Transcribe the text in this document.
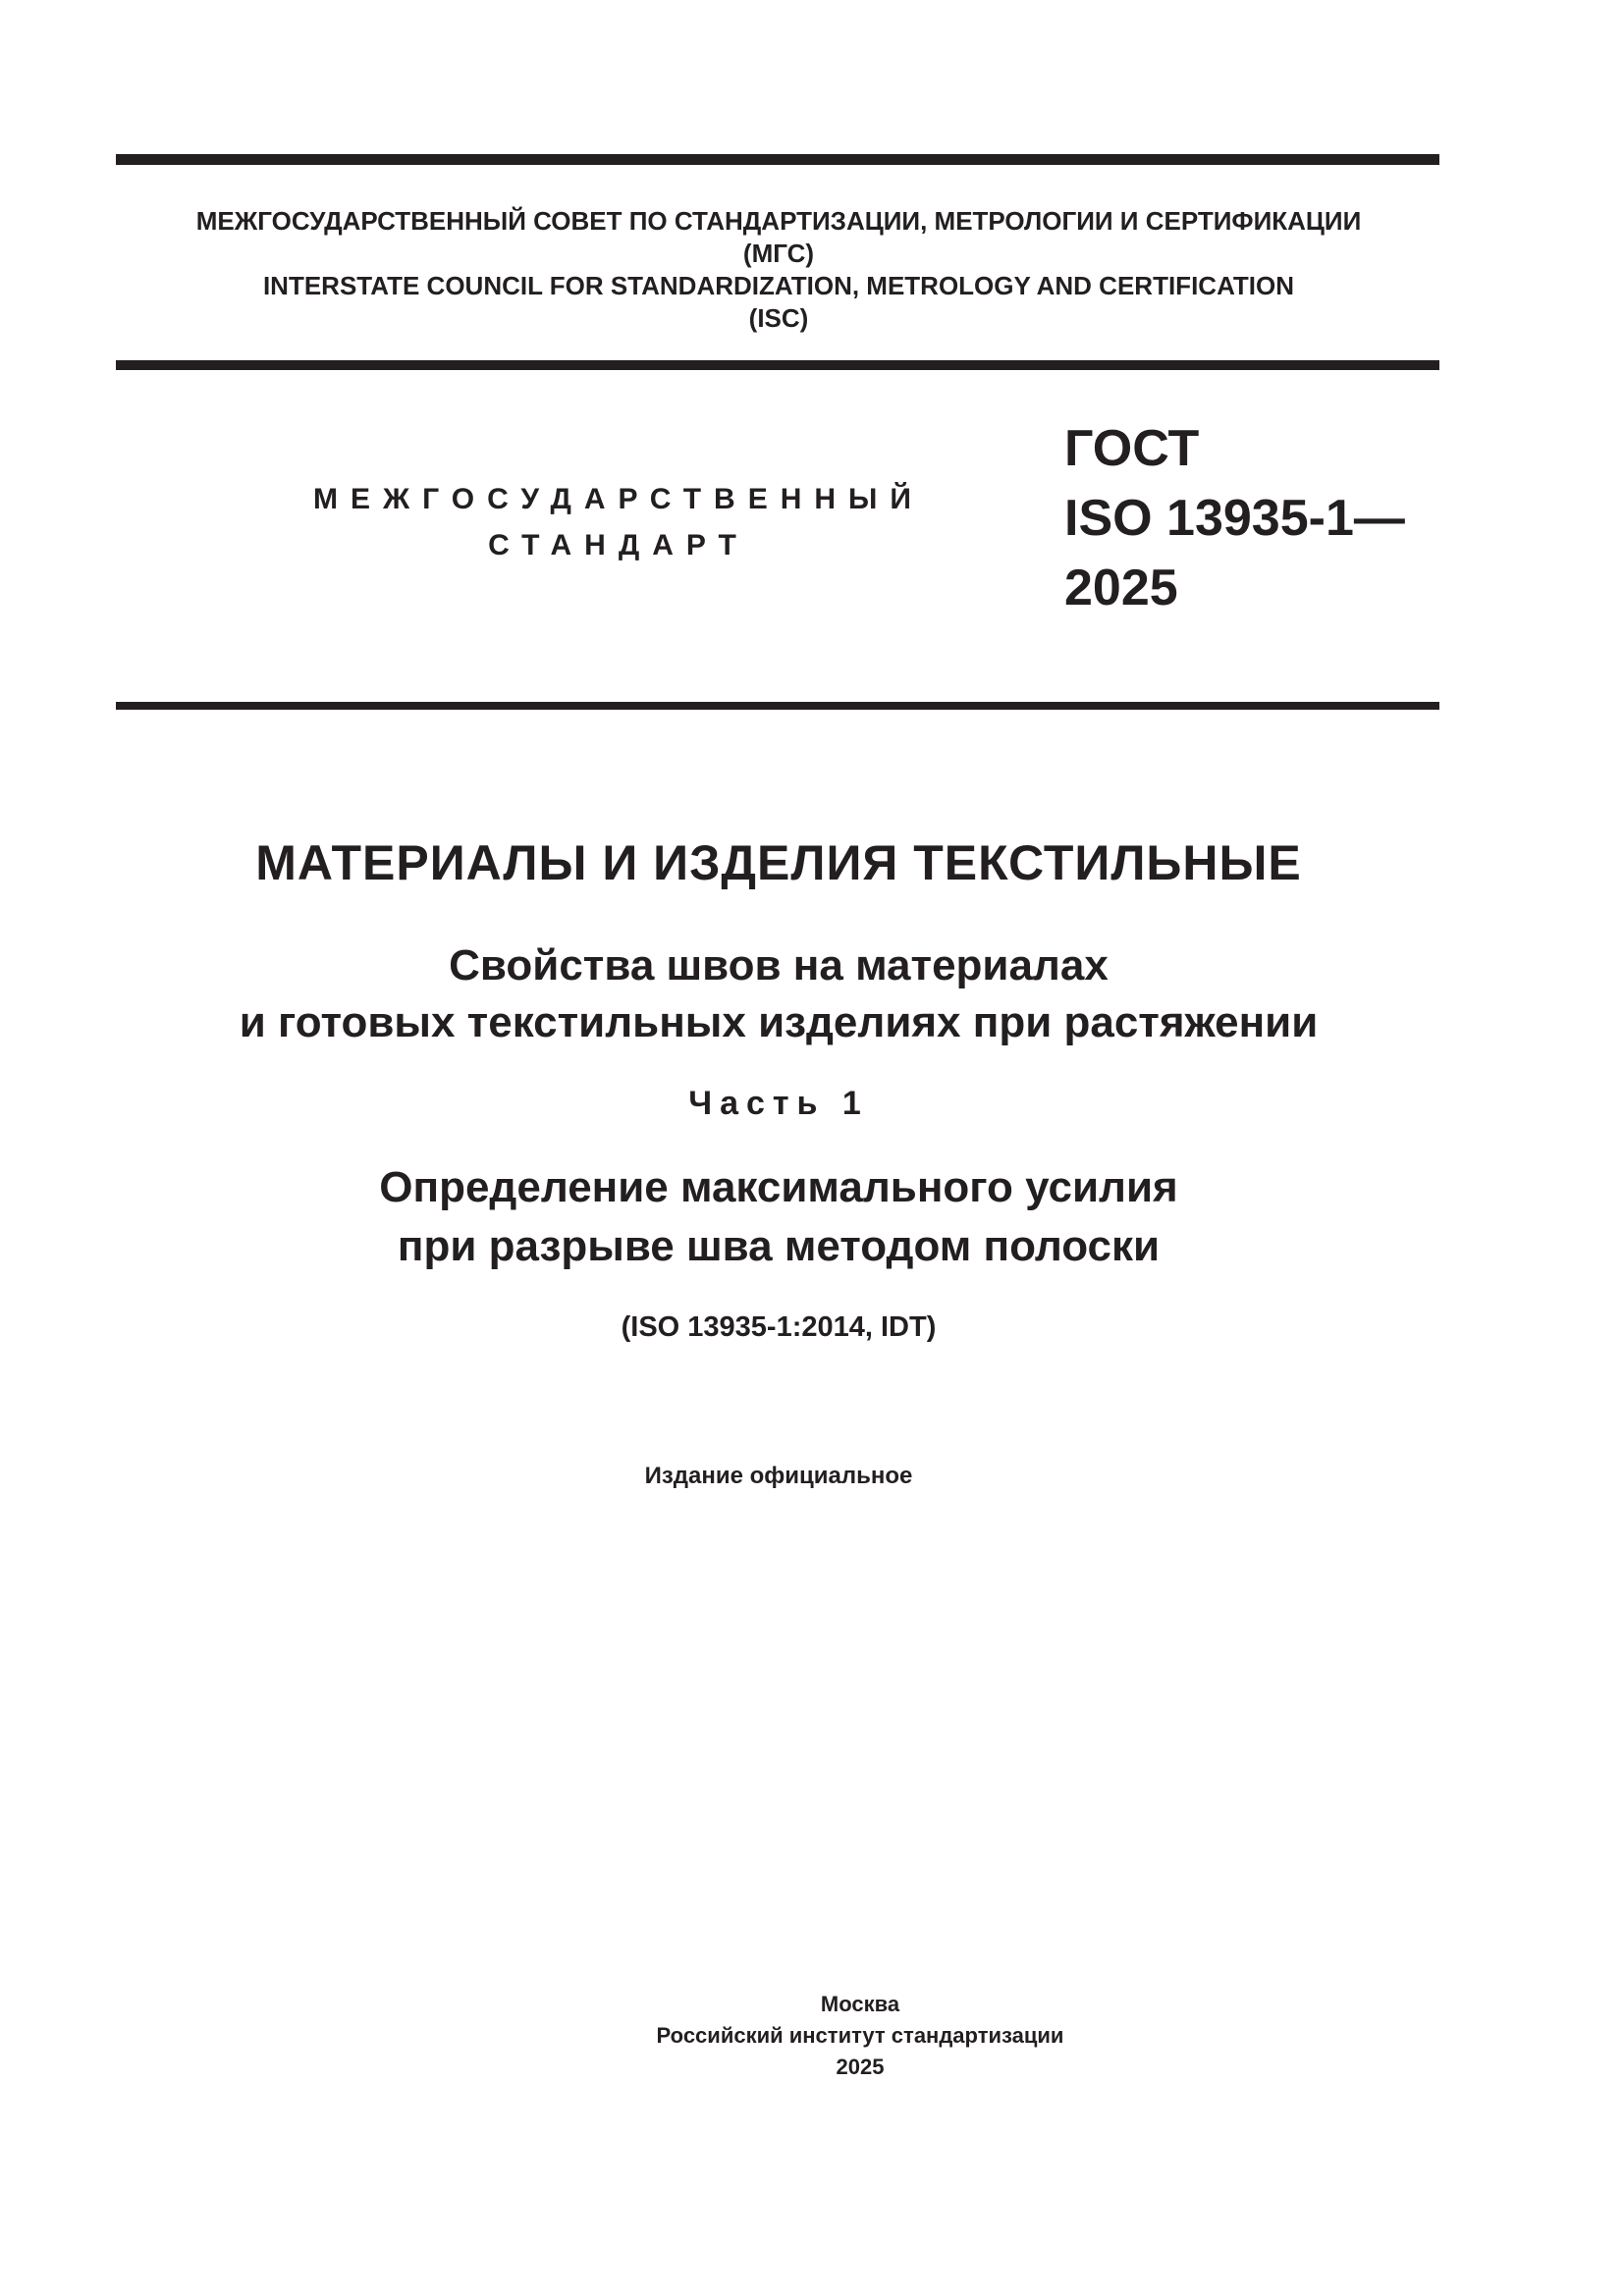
МЕЖГОСУДАРСТВЕННЫЙ СОВЕТ ПО СТАНДАРТИЗАЦИИ, МЕТРОЛОГИИ И СЕРТИФИКАЦИИ
(МГС)
INTERSTATE COUNCIL FOR STANDARDIZATION, METROLOGY AND CERTIFICATION
(ISC)
МЕЖГОСУДАРСТВЕННЫЙ
СТАНДАРТ
ГОСТ
ISO 13935-1—
2025
МАТЕРИАЛЫ И ИЗДЕЛИЯ ТЕКСТИЛЬНЫЕ
Свойства швов на материалах
и готовых текстильных изделиях при растяжении
Часть 1
Определение максимального усилия
при разрыве шва методом полоски
(ISO 13935-1:2014, IDT)
Издание официальное
Москва
Российский институт стандартизации
2025
